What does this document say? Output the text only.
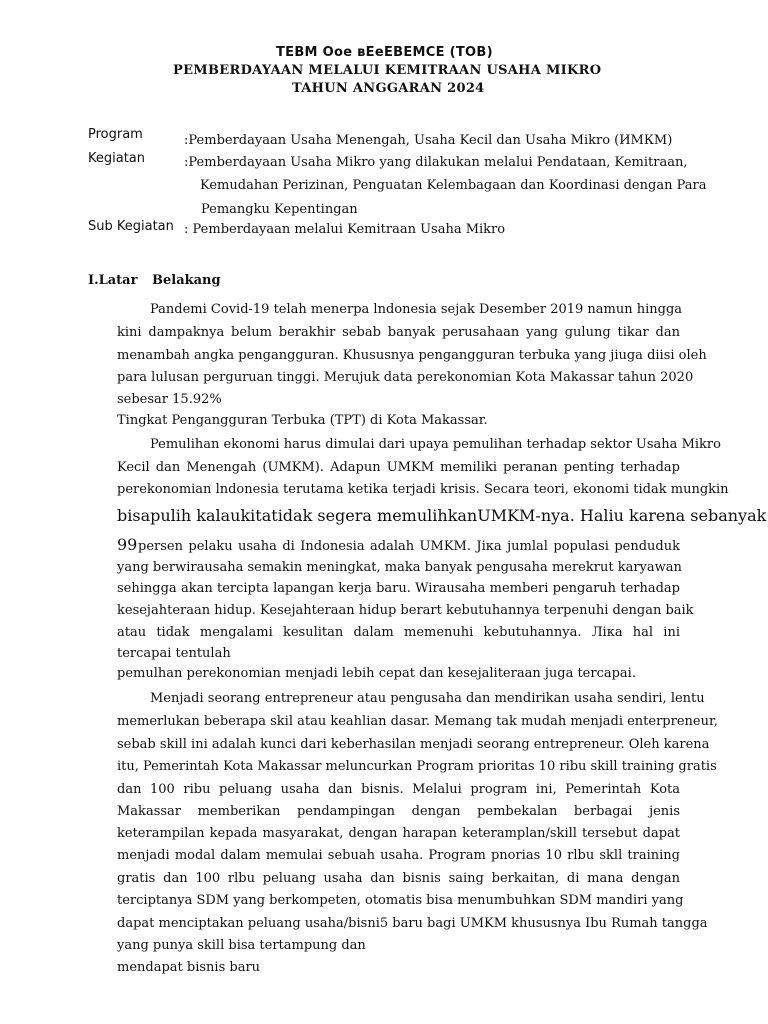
TEBM Ooe вEeEBEMCE (TOB)
PEMBERDAYAAN MELALUI KEMITRAAN USAHA MIKRO
TAHUN ANGGARAN 2024
Program	:Pemberdayaan Usaha Menengah, Usaha Kecil dan Usaha Mikro (ИМКМ)
Kegiatan	:Pemberdayaan Usaha Mikro yang dilakukan melalui Pendataan, Kemitraan,
Kemudahan Perizinan, Penguatan Kelembagaan dan Koordinasi dengan Para
Pemangku Kepentingan
Sub Kegiatan : Pemberdayaan melalui Kemitraan Usaha Mikro
I.Latar Belakang
Pandemi Covid-19 telah menerpa lndonesia sejak Desember 2019 namun hingga
kini dampaknya belum berakhir sebab banyak perusahaan yang gulung tikar dan
menambah angka pengangguran. Khususnya pengangguran terbuka yang jiuga diisi oleh
para lulusan perguruan tinggi. Merujuk data perekonomian Kota Makassar tahun 2020
sebesar 15.92%
Tingkat Pengangguran Terbuka (TPT) di Kota Makassar.
Pemulihan ekonomi harus dimulai dari upaya pemulihan terhadap sektor Usaha Mikro
Kecil dan Menengah (UMKM). Adapun UMKM memiliki peranan penting terhadap
perekonomian lndonesia terutama ketika terjadi krisis. Secara teori, ekonomi tidak mungkin
bisapulih kalaukitatidak segera memulihkanUMKM-nya. Haliu karena sebanyak
99 persen pelaku usaha di Indonesia adalah UMKM. Jiкa jumlal populasi penduduk
yang berwirausaha semakin meningkat, maka banyak pengusaha merekrut karyawan
sehingga akan tercipta lapangan kerja baru. Wirausaha memberi pengaruh terhadap
kesejahteraan hidup. Kesejahteraan hidup berart kebutuhannya terpenuhi dengan baik
atau tidak mengalami kesulitan dalam memenuhi kebutuhannya. Лiкa hal ini
tercapai tentulah
pemulhan perekonomian menjadi lebih cepat dan kesejaliteraan juga tercapai.
Menjadi seorang entrepreneur atau pengusaha dan mendirikan usaha sendiri, lentu
memerlukan beberapa skil atau keahlian dasar. Memang tak mudah menjadi enterpreneur,
sebab skill ini adalah kunci dari keberhasilan menjadi seorang entrepreneur. Oleh karena
itu, Pemerintah Kota Makassar meluncurkan Program prioritas 10 ribu skill training gratis
dan 100 ribu peluang usaha dan bisnis. Melalui program ini, Pemerintah Kota
Makassar memberikan pendampingan dengan pembekalan berbagai jenis
keterampilan kepada masyarakat, dengan harapan keteramplan/skill tersebut dapat
menjadi modal dalam memulai sebuah usaha. Program pnorias 10 rlbu skll training
gratis dan 100 rlbu peluang usaha dan bisnis saing berkaitan, di mana dengan
terciptanya SDM yang berkompeten, otomatis bisa menumbuhkan SDM mandiri yang
dapat menciptakan peluang usaha/bisni5 baru bagi UMKM khususnya Ibu Rumah tangga
yang punya skill bisa tertampung dan
mendapat bisnis baru
